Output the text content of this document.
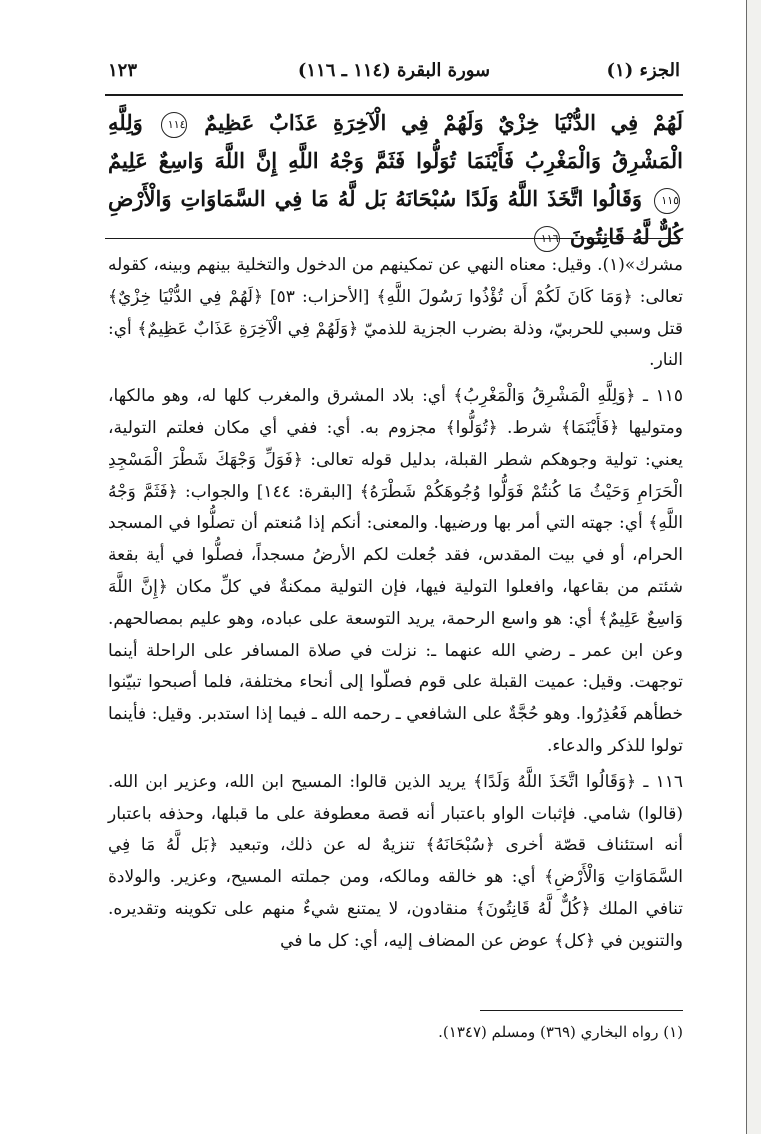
الجزء (١)
سورة البقرة (١١٤ ـ ١١٦)
١٢٣
لَهُمْ فِي الدُّنْيَا خِزْيٌ وَلَهُمْ فِي الْآخِرَةِ عَذَابٌ عَظِيمٌ ١١٤ وَلِلَّهِ الْمَشْرِقُ وَالْمَغْرِبُ فَأَيْنَمَا تُوَلُّوا فَثَمَّ وَجْهُ اللَّهِ إِنَّ اللَّهَ وَاسِعٌ عَلِيمٌ ١١٥ وَقَالُوا اتَّخَذَ اللَّهُ وَلَدًا سُبْحَانَهُ بَل لَّهُ مَا فِي السَّمَاوَاتِ وَالْأَرْضِ كُلٌّ لَّهُ قَانِتُونَ ١١٦

مشرك»(١). وقيل: معناه النهي عن تمكينهم من الدخول والتخلية بينهم وبينه، كقوله تعالى: ﴿وَمَا كَانَ لَكُمْ أَن تُؤْذُوا رَسُولَ اللَّهِ﴾ [الأحزاب: ٥٣] ﴿لَهُمْ فِي الدُّنْيَا خِزْيٌ﴾ قتل وسبي للحربيّ، وذلة بضرب الجزية للذميّ ﴿وَلَهُمْ فِي الْآخِرَةِ عَذَابٌ عَظِيمٌ﴾ أي: النار.

١١٥ ـ ﴿وَلِلَّهِ الْمَشْرِقُ وَالْمَغْرِبُ﴾ أي: بلاد المشرق والمغرب كلها له، وهو مالكها، ومتوليها ﴿فَأَيْنَمَا﴾ شرط. ﴿تُوَلُّوا﴾ مجزوم به. أي: ففي أي مكان فعلتم التولية، يعني: تولية وجوهكم شطر القبلة، بدليل قوله تعالى: ﴿فَوَلِّ وَجْهَكَ شَطْرَ الْمَسْجِدِ الْحَرَامِ وَحَيْثُ مَا كُنتُمْ فَوَلُّوا وُجُوهَكُمْ شَطْرَهُ﴾ [البقرة: ١٤٤] والجواب: ﴿فَثَمَّ وَجْهُ اللَّهِ﴾ أي: جهته التي أمر بها ورضيها. والمعنى: أنكم إذا مُنعتم أن تصلُّوا في المسجد الحرام، أو في بيت المقدس، فقد جُعلت لكم الأرضُ مسجداً، فصلُّوا في أية بقعة شئتم من بقاعها، وافعلوا التولية فيها، فإن التولية ممكنةٌ في كلِّ مكان ﴿إِنَّ اللَّهَ وَاسِعٌ عَلِيمٌ﴾ أي: هو واسع الرحمة، يريد التوسعة على عباده، وهو عليم بمصالحهم. وعن ابن عمر ـ رضي الله عنهما ـ: نزلت في صلاة المسافر على الراحلة أينما توجهت. وقيل: عميت القبلة على قوم فصلّوا إلى أنحاء مختلفة، فلما أصبحوا تبيّنوا خطأهم فَعُذِرُوا. وهو حُجَّةٌ على الشافعي ـ رحمه الله ـ فيما إذا استدبر. وقيل: فأينما تولوا للذكر والدعاء.

١١٦ ـ ﴿وَقَالُوا اتَّخَذَ اللَّهُ وَلَدًا﴾ يريد الذين قالوا: المسيح ابن الله، وعزير ابن الله. (قالوا) شامي. فإثبات الواو باعتبار أنه قصة معطوفة على ما قبلها، وحذفه باعتبار أنه استئناف قصّة أخرى ﴿سُبْحَانَهُ﴾ تنزيهٌ له عن ذلك، وتبعيد ﴿بَل لَّهُ مَا فِي السَّمَاوَاتِ وَالْأَرْضِ﴾ أي: هو خالقه ومالكه، ومن جملته المسيح، وعزير. والولادة تنافي الملك ﴿كُلٌّ لَّهُ قَانِتُونَ﴾ منقادون، لا يمتنع شيءٌ منهم على تكوينه وتقديره. والتنوين في ﴿كل﴾ عوض عن المضاف إليه، أي: كل ما في

(١) رواه البخاري (٣٦٩) ومسلم (١٣٤٧).
